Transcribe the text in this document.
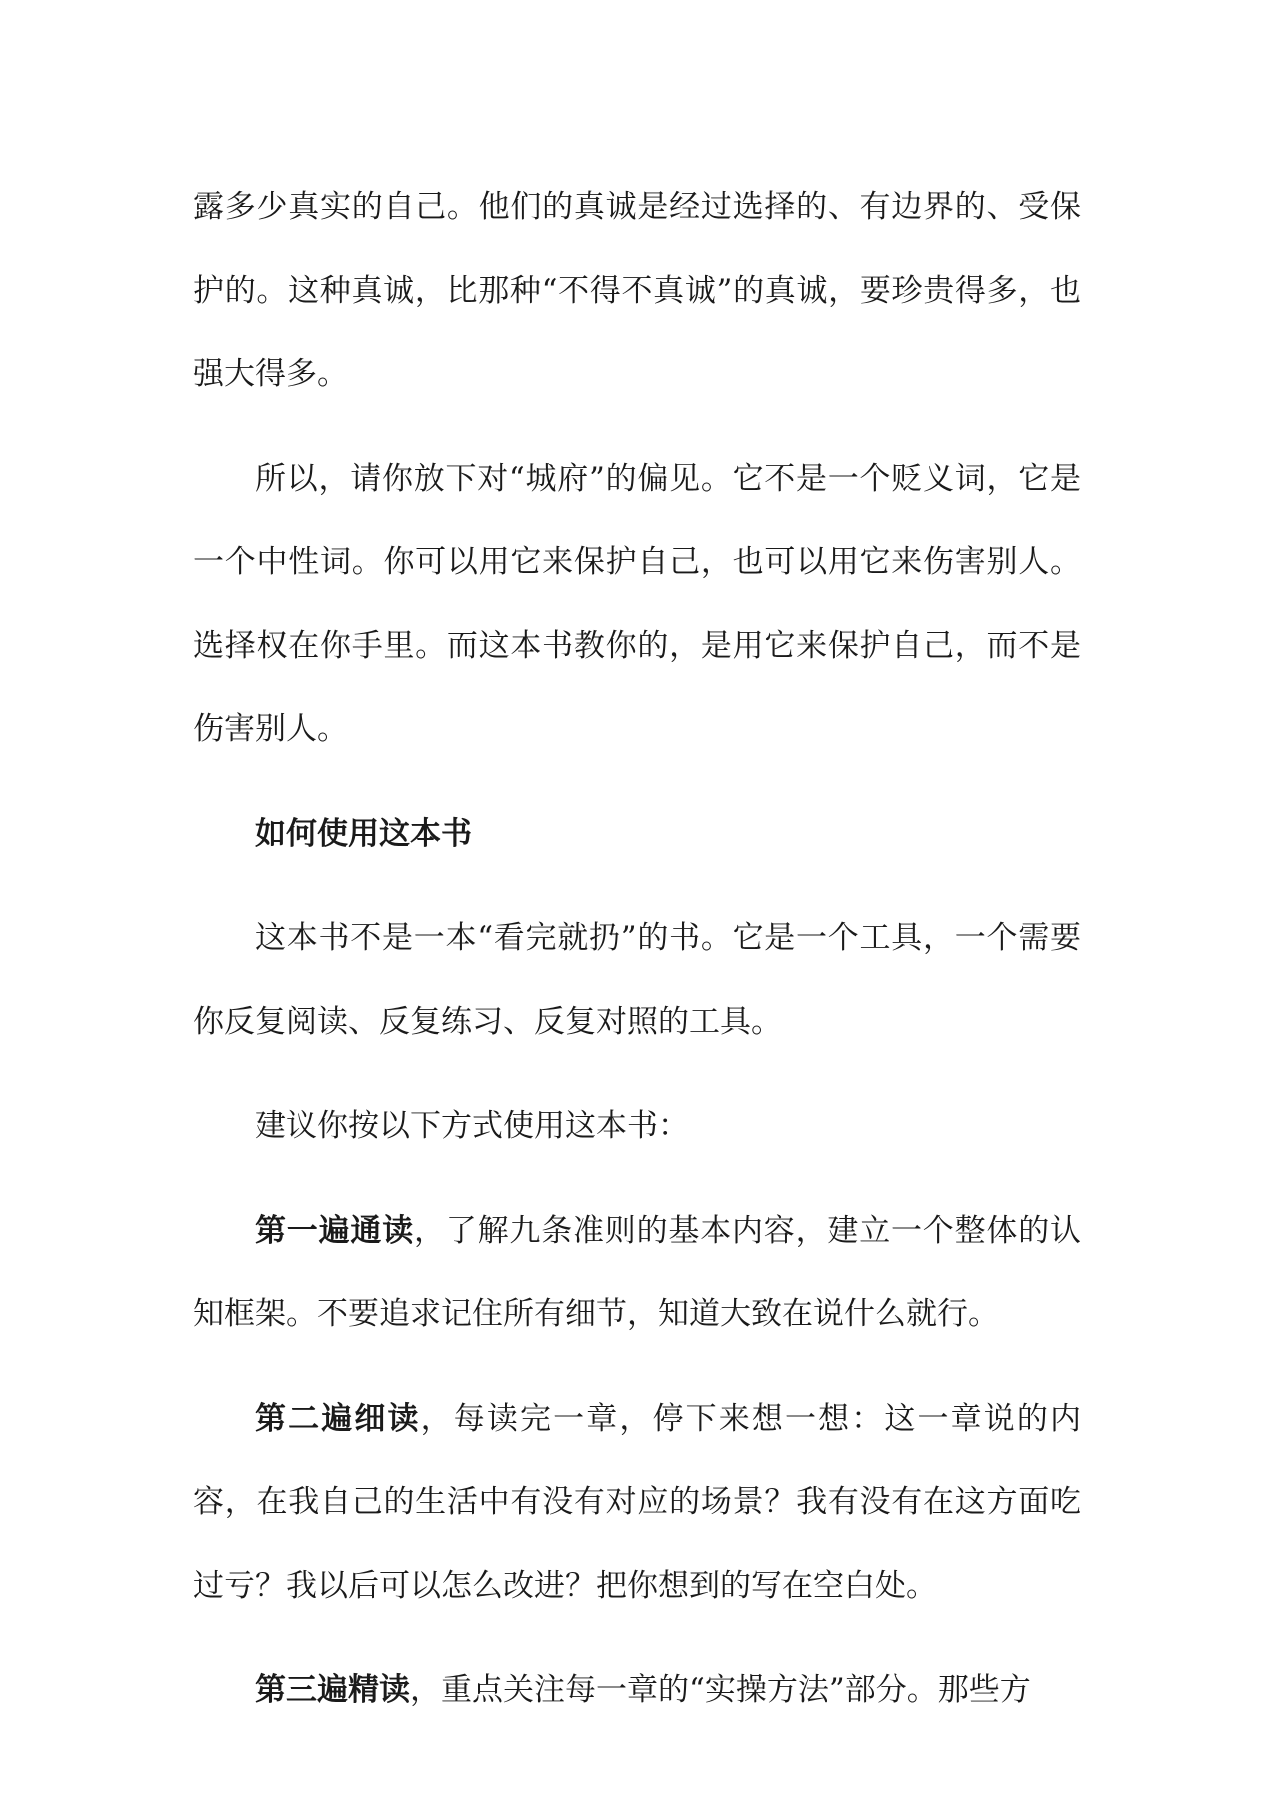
露多少真实的自己。他们的真诚是经过选择的、有边界的、受保护的。这种真诚，比那种“不得不真诚”的真诚，要珍贵得多，也强大得多。

所以，请你放下对“城府”的偏见。它不是一个贬义词，它是一个中性词。你可以用它来保护自己，也可以用它来伤害别人。选择权在你手里。而这本书教你的，是用它来保护自己，而不是伤害别人。

如何使用这本书

这本书不是一本“看完就扔”的书。它是一个工具，一个需要你反复阅读、反复练习、反复对照的工具。

建议你按以下方式使用这本书：

第一遍通读，了解九条准则的基本内容，建立一个整体的认知框架。不要追求记住所有细节，知道大致在说什么就行。

第二遍细读，每读完一章，停下来想一想：这一章说的内容，在我自己的生活中有没有对应的场景？我有没有在这方面吃过亏？我以后可以怎么改进？把你想到的写在空白处。

第三遍精读，重点关注每一章的“实操方法”部分。那些方
